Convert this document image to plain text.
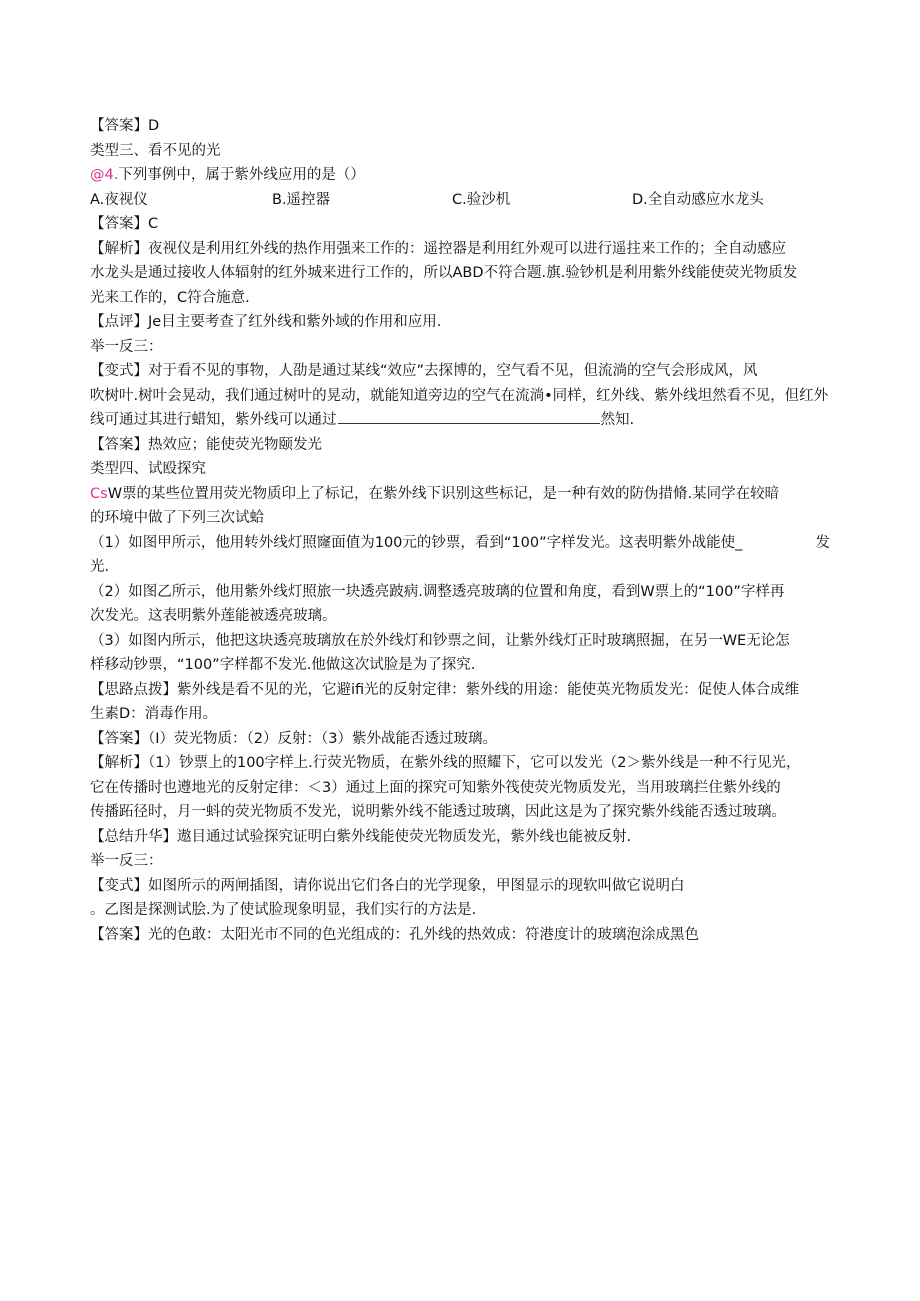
【答案】D
类型三、看不见的光
@4.下列事例中，属于紫外线应用的是（）
A.夜视仪	B.遥控器	C.验沙机	D.全自动感应水龙头
【答案】C
【解析】夜视仪是利用红外线的热作用强来工作的：遥控器是利用红外观可以进行遥拄来工作的；全自动感应
水龙头是通过接收人体辐射的红外城来进行工作的，所以ABD不符合题.旗.验钞机是利用紫外线能使荧光物质发
光来工作的，C符合施意.
【点评】Je目主要考查了红外线和紫外域的作用和应用.
举一反三：
【变式】对于看不见的事物，人劭是通过某线“效应”去探博的，空气看不见，但流淌的空气会形成风，风
吹树叶.树叶会晃动，我们通过树叶的晃动，就能知道旁边的空气在流淌•同样，红外线、紫外线坦然看不见，但红外
线可通过其进行蜡知，紫外线可以通过	然知.
【答案】热效应；能使荧光物颐发光
类型四、试殴探究
CsW票的某些位置用荧光物质印上了标记，在紫外线下识别这些标记，是一种有效的防伪措脩.某同学在较暗
的环境中做了下列三次试蛤
（1）如图甲所示，他用转外线灯照窿面值为100元的钞票，看到“100”字样发光。这表明紫外战能使_	发
光.
（2）如图乙所示，他用紫外线灯照旅一块透亮跛病.调整透亮玻璃的位置和角度，看到W票上的“100”字样再
次发光。这表明紫外莲能被透亮玻璃。
（3）如图内所示，他把这块透亮玻璃放在於外线灯和钞票之间，让紫外线灯正时玻璃照掘，在另一WE无论怎
样移动钞票，“100”字样都不发光.他做这次试脸是为了探究.
【思路点拨】紫外线是看不见的光，它避ifi光的反射定律：紫外线的用途：能使英光物质发光：促使人体合成维
生素D：消毒作用。
【答案】（I）荧光物质：（2）反射：（3）紫外战能否透过玻璃。
【解析】（1）钞票上的100字样上.行荧光物质，在紫外线的照耀下，它可以发光（2＞紫外线是一种不行见光，
它在传播时也遵地光的反射定律：＜3）通过上面的探究可知紫外筏使荧光物质发光，当用玻璃拦住紫外线的
传播跖径时，月一蚪的荧光物质不发光，说明紫外线不能透过玻璃，因此这是为了探究紫外线能否透过玻璃。
【总结升华】遨目通过试验探究证明白紫外线能使荧光物质发光，紫外线也能被反射.
举一反三：
【变式】如图所示的两闸插图，请你说出它们各白的光学现象，甲图显示的现软叫做它说明白
。乙图是探测试脍.为了使试脸现象明显，我们实行的方法是.
【答案】光的色敢：太阳光市不同的色光组成的：孔外线的热效成：符港度计的玻璃泡涂成黑色
